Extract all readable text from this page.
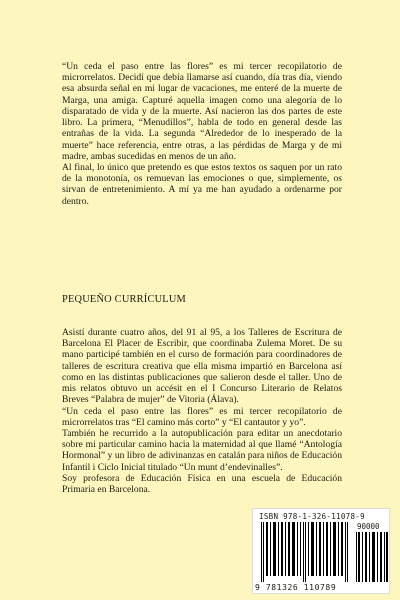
“Un ceda el paso entre las flores” es mi tercer recopilatorio de microrrelatos. Decidí que debía llamarse así cuando, día tras día, viendo esa absurda señal en mi lugar de vacaciones, me enteré de la muerte de Marga, una amiga. Capturé aquella imagen como una alegoría de lo disparatado de vida y de la muerte. Así nacieron las dos partes de este libro. La primera, “Menudillos”, habla de todo en general desde las entrañas de la vida. La segunda “Alrededor de lo inesperado de la muerte” hace referencia, entre otras, a las pérdidas de Marga y de mi madre, ambas sucedidas en menos de un año.

Al final, lo único que pretendo es que estos textos os saquen por un rato de la monotonía, os remuevan las emociones o que, simplemente, os sirvan de entretenimiento. A mí ya me han ayudado a ordenarme por dentro.

PEQUEÑO CURRÍCULUM

Asistí durante cuatro años, del 91 al 95, a los Talleres de Escritura de Barcelona El Placer de Escribir, que coordinaba Zulema Moret. De su mano participé también en el curso de formación para coordinadores de talleres de escritura creativa que ella misma impartió en Barcelona así como en las distintas publicaciones que salieron desde el taller. Uno de mis relatos obtuvo un accésit en el I Concurso Literario de Relatos Breves “Palabra de mujer” de Vitoria (Álava).

“Un ceda el paso entre las flores” es mi tercer recopilatorio de microrrelatos tras “El camino más corto” y “El cantautor y yo”.

También he recurrido a la autopublicación para editar un anecdotario sobre mi particular camino hacia la maternidad al que llamé “Antología Hormonal” y un libro de adivinanzas en catalán para niños de Educación Infantil i Ciclo Inicial titulado “Un munt d’endevinalles”.

Soy profesora de Educación Física en una escuela de Educación Primaria en Barcelona.

ISBN 978-1-326-11078-9
90000
9 781326 110789
